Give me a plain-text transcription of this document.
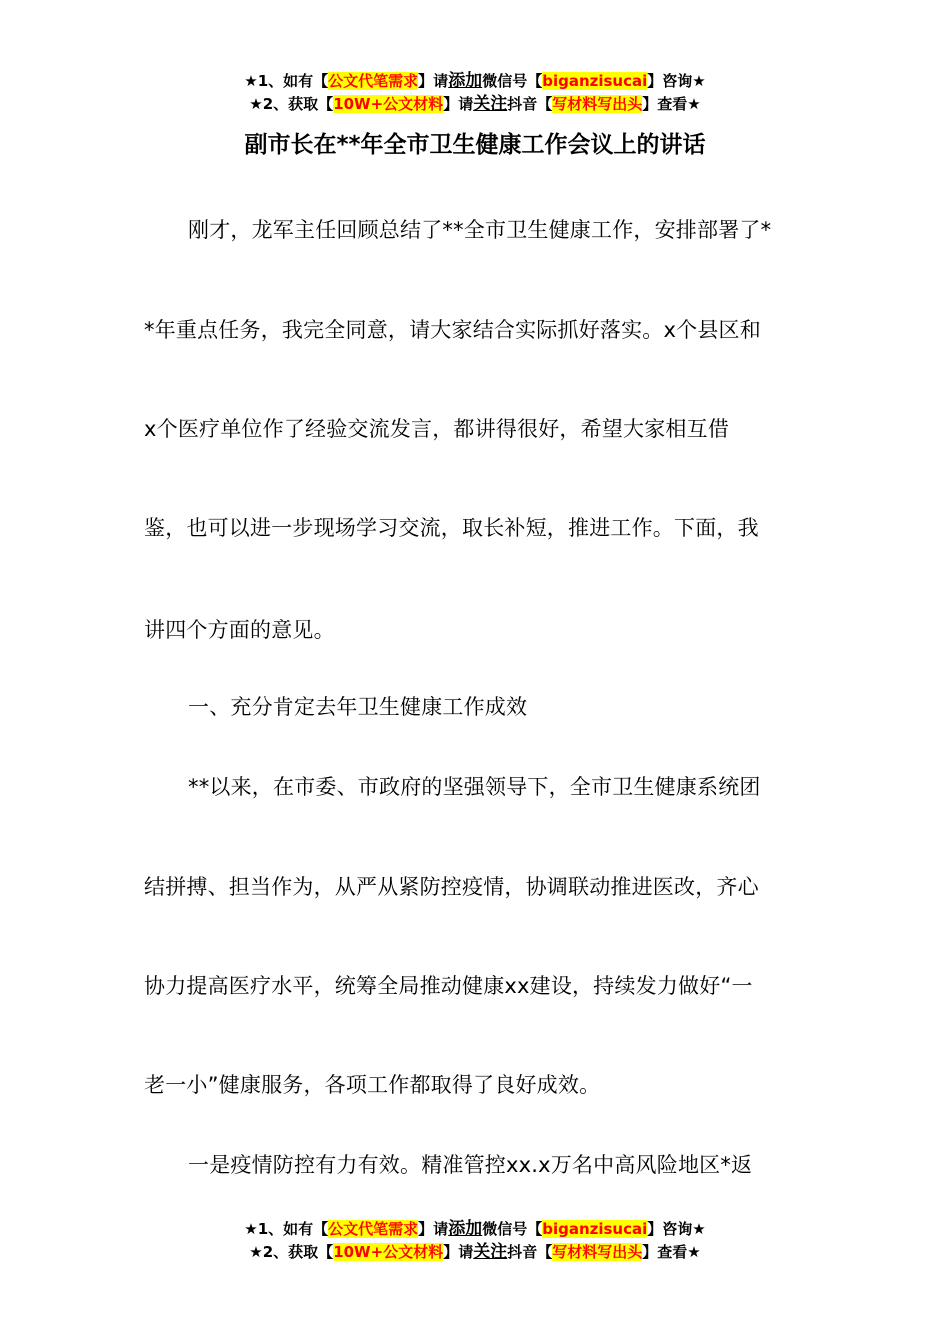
★1、如有【公文代笔需求】请添加微信号【biganzisucai】咨询★
★2、获取【10W+公文材料】请关注抖音【写材料写出头】查看★
副市长在**年全市卫生健康工作会议上的讲话
刚才，龙军主任回顾总结了**全市卫生健康工作，安排部署了*
*年重点任务，我完全同意，请大家结合实际抓好落实。x个县区和
x个医疗单位作了经验交流发言，都讲得很好，希望大家相互借
鉴，也可以进一步现场学习交流，取长补短，推进工作。下面，我
讲四个方面的意见。
一、充分肯定去年卫生健康工作成效
**以来，在市委、市政府的坚强领导下，全市卫生健康系统团
结拼搏、担当作为，从严从紧防控疫情，协调联动推进医改，齐心
协力提高医疗水平，统筹全局推动健康xx建设，持续发力做好“一
老一小”健康服务，各项工作都取得了良好成效。
一是疫情防控有力有效。精准管控xx.x万名中高风险地区*返
★1、如有【公文代笔需求】请添加微信号【biganzisucai】咨询★
★2、获取【10W+公文材料】请关注抖音【写材料写出头】查看★
